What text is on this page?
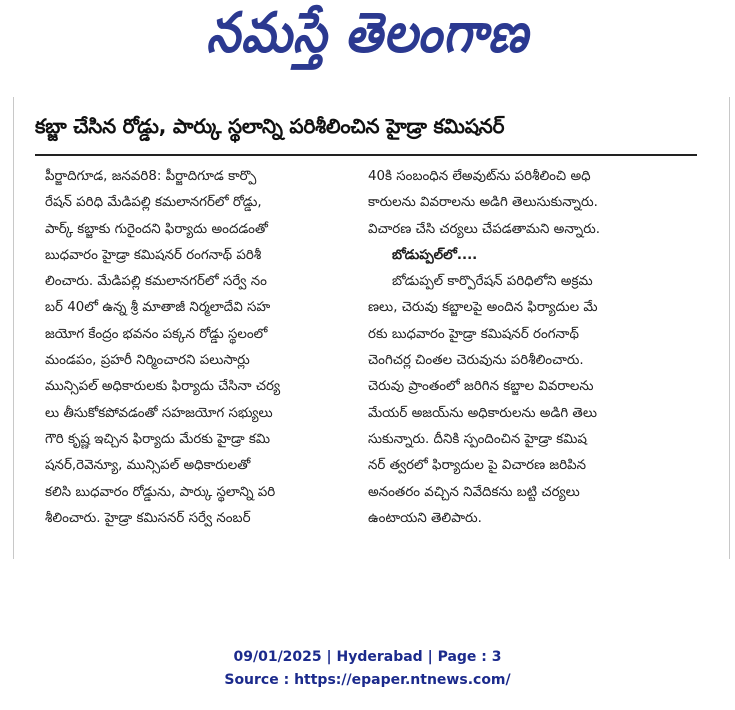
నమస్తే తెలంగాణ
కబ్జా చేసిన రోడ్డు, పార్కు స్థలాన్ని పరిశీలించిన హైడ్రా కమిషనర్

పీర్జాదిగూడ, జనవరి8: పీర్జాదిగూడ కార్పొ

రేషన్ పరిధి మేడిపల్లి కమలానగర్‌లో రోడ్డు,

పార్క్ కబ్జాకు గురైందని ఫిర్యాదు అందడంతో

బుధవారం హైడ్రా కమిషనర్ రంగనాథ్ పరిశీ

లించారు. మేడిపల్లి కమలానగర్‌లో సర్వే నం

బర్ 40లో ఉన్న శ్రీ మాతాజీ నిర్మలాదేవి సహ

జయోగ కేంద్రం భవనం పక్కన రోడ్డు స్థలంలో

మండపం, ప్రహరీ నిర్మించారని పలుసార్లు

మున్సిపల్ అధికారులకు ఫిర్యాదు చేసినా చర్య

లు తీసుకోకపోవడంతో సహజయోగ సభ్యులు

గౌరి కృష్ణ ఇచ్చిన ఫిర్యాదు మేరకు హైడ్రా కమి

షనర్,రెవెన్యూ, మున్సిపల్ అధికారులతో

కలిసి బుధవారం రోడ్డును, పార్కు స్థలాన్ని పరి

శీలించారు. హైడ్రా కమిసనర్ సర్వే నంబర్

40కి సంబంధిన లేఅవుట్‌ను పరిశీలించి అధి

కారులను వివరాలను అడిగి తెలుసుకున్నారు.

విచారణ చేసి చర్యలు చేపడతామని అన్నారు.

బోడుప్పల్‌లో....

బోడుప్పల్ కార్పొరేషన్ పరిధిలోని అక్రమ

ణలు, చెరువు కబ్జాలపై అందిన ఫిర్యాదుల మే

రకు బుధవారం హైడ్రా కమిషనర్ రంగనాథ్

చెంగిచర్ల చింతల చెరువును పరిశీలించారు.

చెరువు ప్రాంతంలో జరిగిన కబ్జాల వివరాలను

మేయర్ అజయ్‌ను అధికారులను అడిగి తెలు

సుకున్నారు. దీనికి స్పందించిన హైడ్రా కమిష

నర్ త్వరలో ఫిర్యాదుల పై విచారణ జరిపిన

అనంతరం వచ్చిన నివేదికను బట్టి చర్యలు

ఉంటాయని తెలిపారు.

09/01/2025 | Hyderabad | Page : 3
Source : https://epaper.ntnews.com/
